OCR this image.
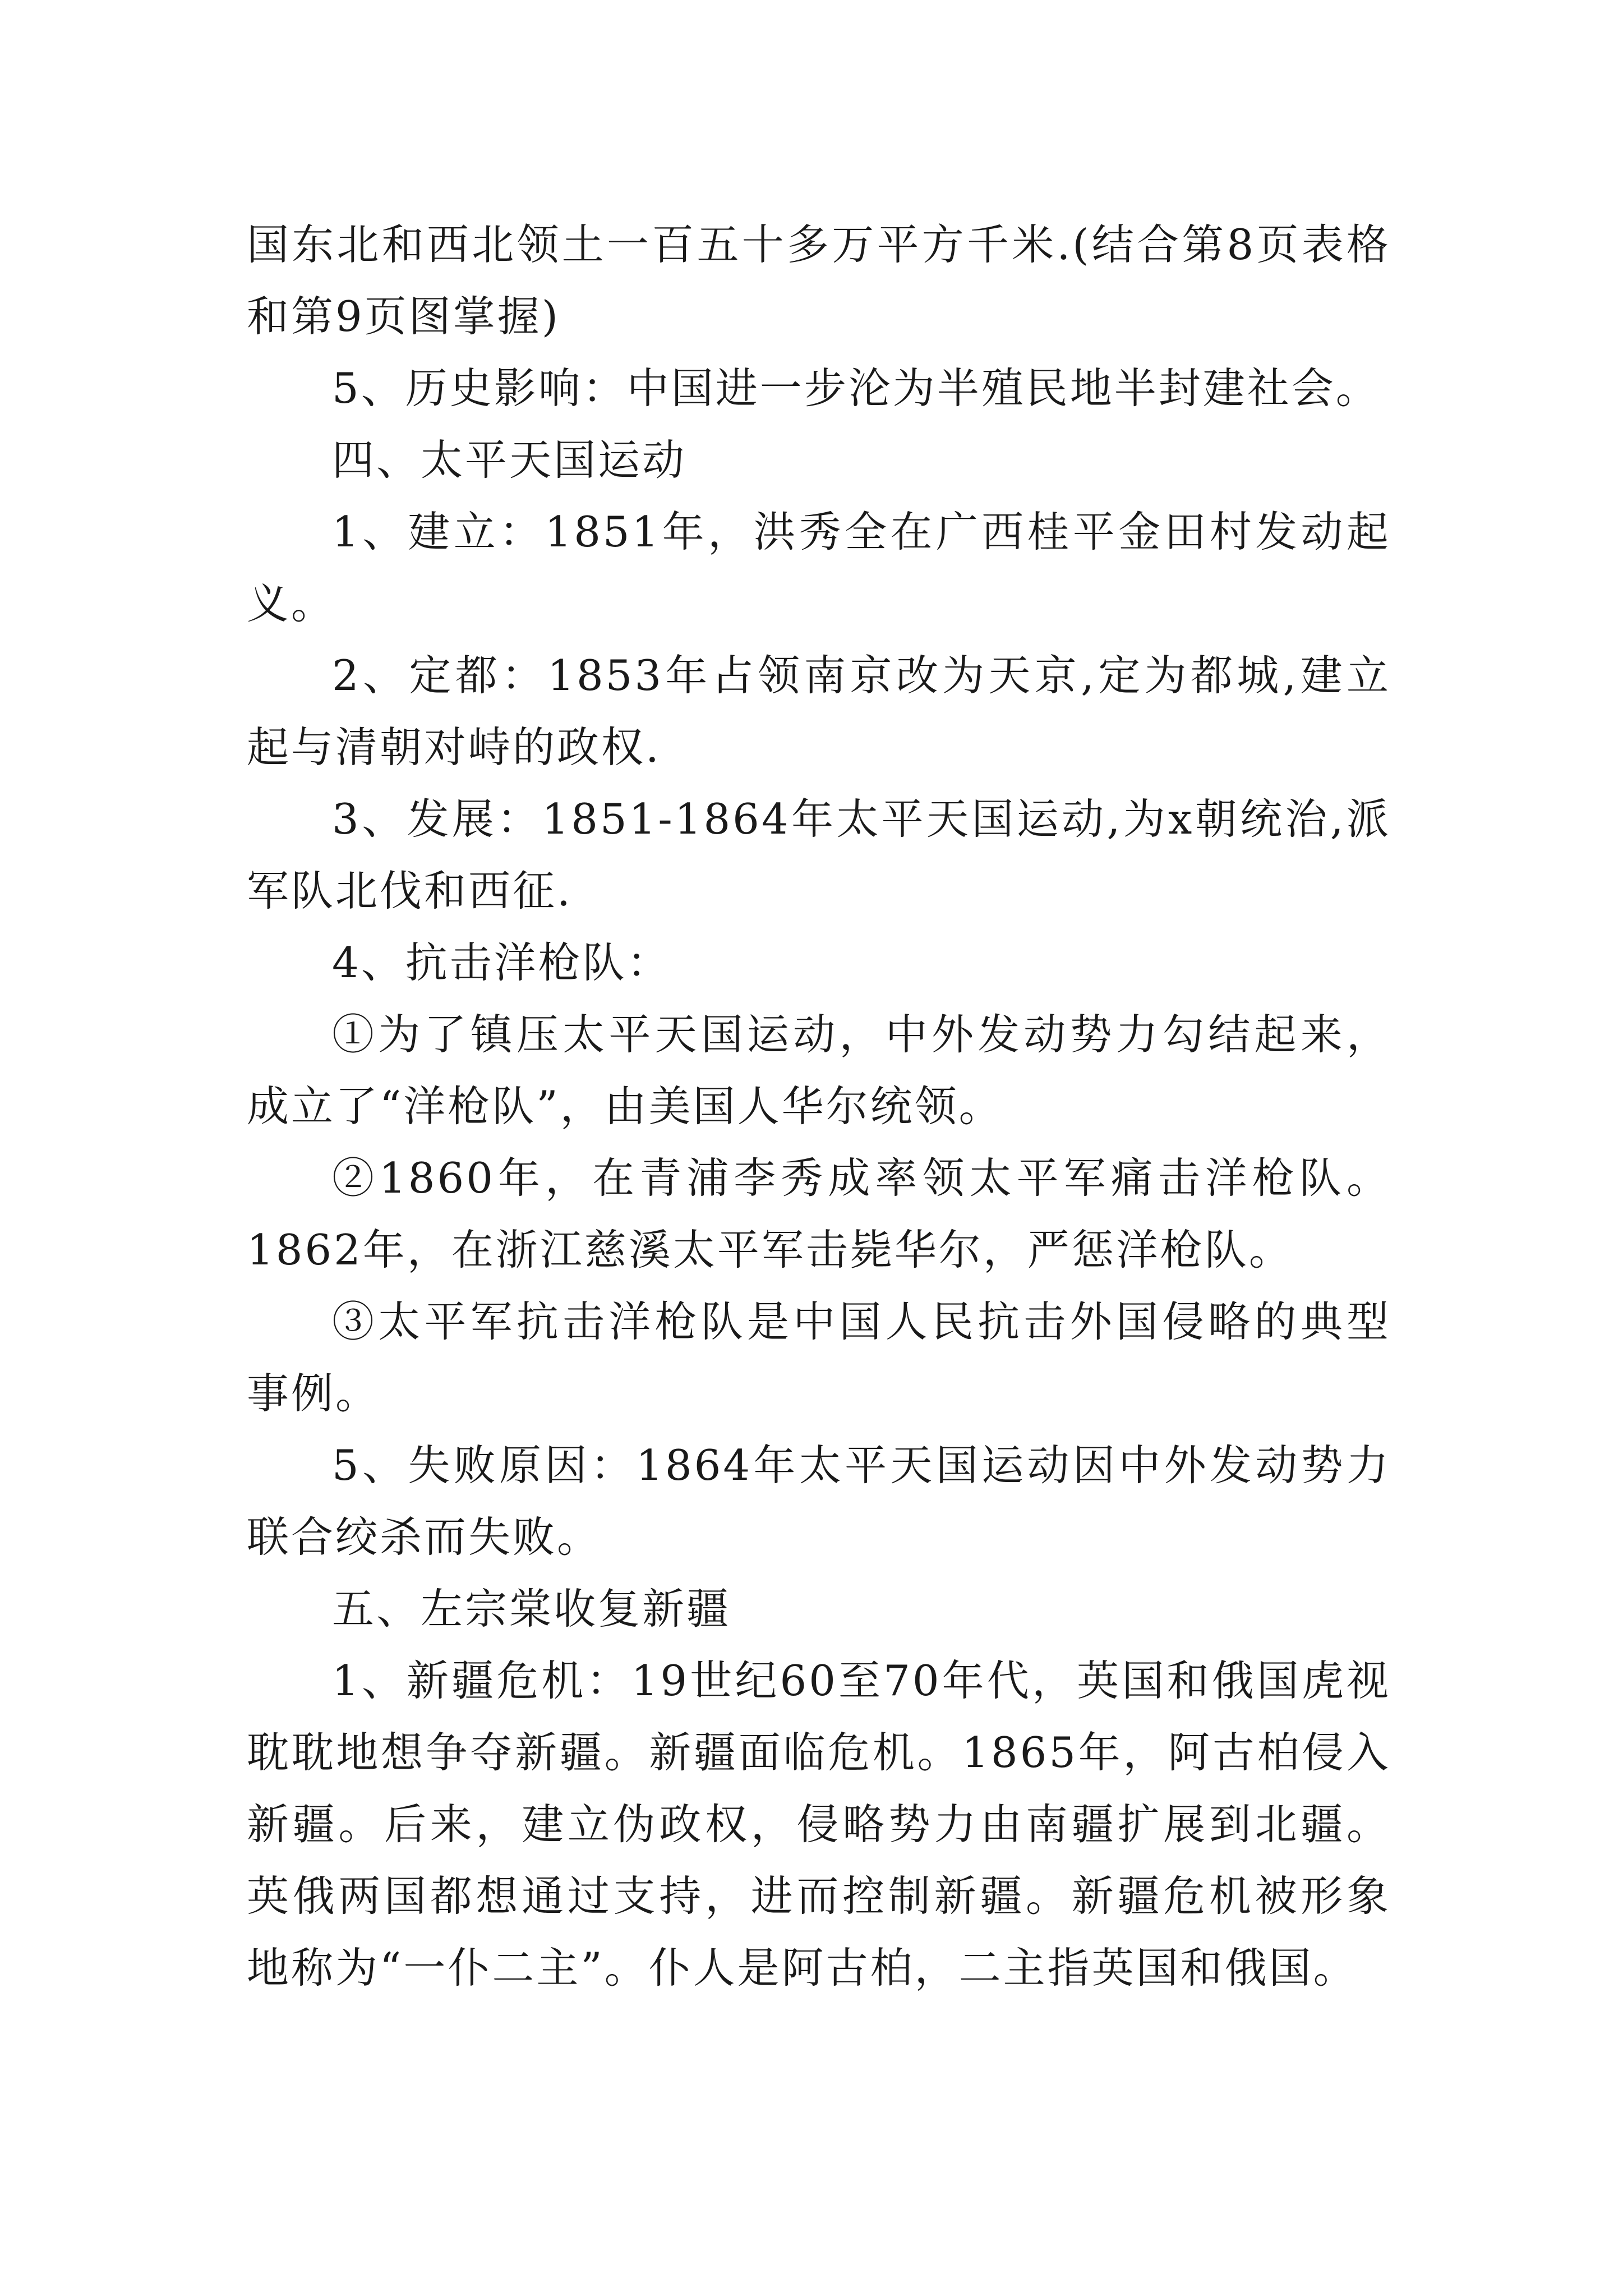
国东北和西北领土一百五十多万平方千米.(结合第8页表格和第9页图掌握)

5、历史影响：中国进一步沦为半殖民地半封建社会。

四、太平天国运动

1、建立：1851年，洪秀全在广西桂平金田村发动起义。

2、定都：1853年占领南京改为天京,定为都城,建立起与清朝对峙的政权.

3、发展：1851-1864年太平天国运动,为x朝统治,派军队北伐和西征.

4、抗击洋枪队：

①为了镇压太平天国运动，中外发动势力勾结起来，成立了“洋枪队”，由美国人华尔统领。

②1860年，在青浦李秀成率领太平军痛击洋枪队。1862年，在浙江慈溪太平军击毙华尔，严惩洋枪队。

③太平军抗击洋枪队是中国人民抗击外国侵略的典型事例。

5、失败原因：1864年太平天国运动因中外发动势力联合绞杀而失败。

五、左宗棠收复新疆

1、新疆危机：19世纪60至70年代，英国和俄国虎视耽耽地想争夺新疆。新疆面临危机。1865年，阿古柏侵入新疆。后来，建立伪政权，侵略势力由南疆扩展到北疆。英俄两国都想通过支持，进而控制新疆。新疆危机被形象地称为“一仆二主”。仆人是阿古柏，二主指英国和俄国。
